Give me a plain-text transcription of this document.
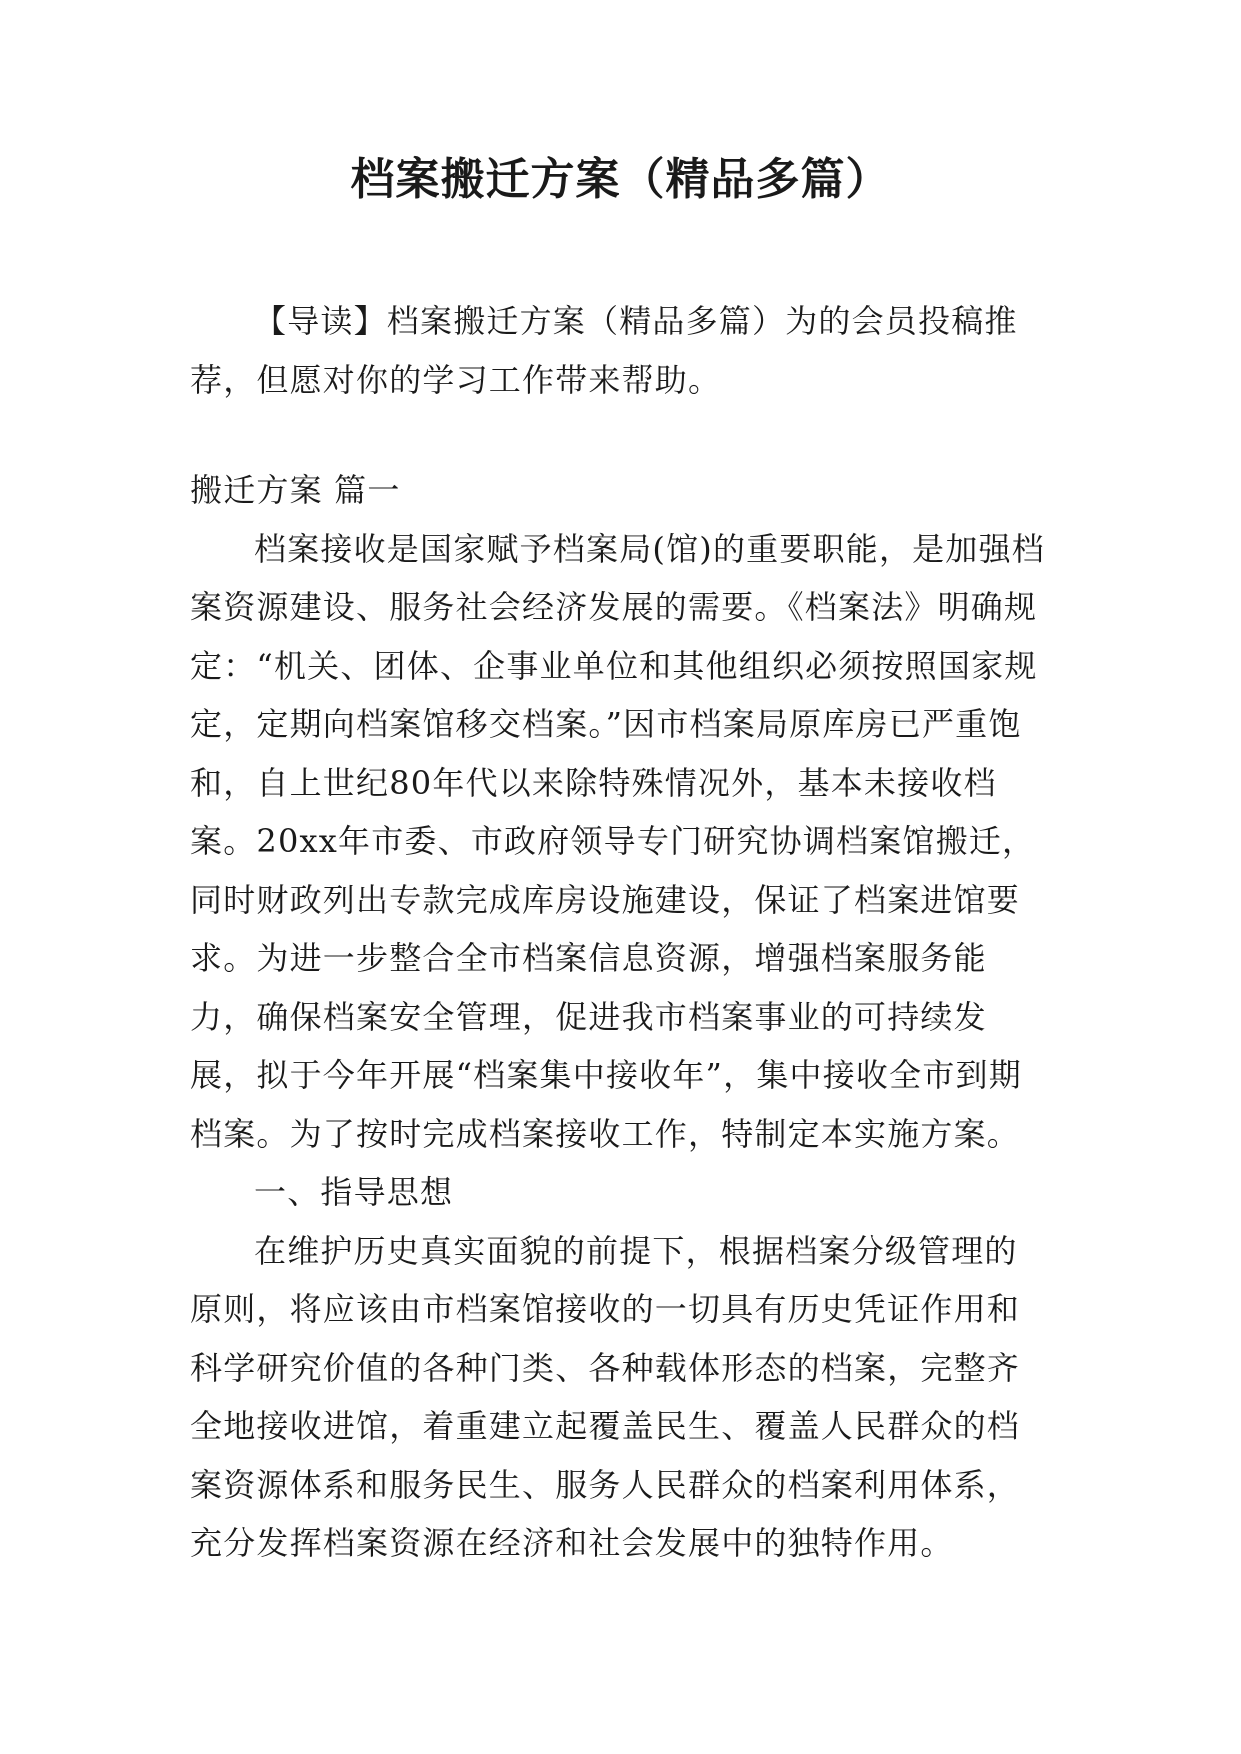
档案搬迁方案（精品多篇）

【导读】档案搬迁方案（精品多篇）为的会员投稿推荐，但愿对你的学习工作带来帮助。

搬迁方案 篇一
档案接收是国家赋予档案局(馆)的重要职能，是加强档案资源建设、服务社会经济发展的需要。《档案法》明确规定：“机关、团体、企事业单位和其他组织必须按照国家规定，定期向档案馆移交档案。”因市档案局原库房已严重饱和，自上世纪80年代以来除特殊情况外，基本未接收档案。20xx年市委、市政府领导专门研究协调档案馆搬迁，同时财政列出专款完成库房设施建设，保证了档案进馆要求。为进一步整合全市档案信息资源，增强档案服务能力，确保档案安全管理，促进我市档案事业的可持续发展，拟于今年开展“档案集中接收年”，集中接收全市到期档案。为了按时完成档案接收工作，特制定本实施方案。
一、指导思想
在维护历史真实面貌的前提下，根据档案分级管理的原则，将应该由市档案馆接收的一切具有历史凭证作用和科学研究价值的各种门类、各种载体形态的档案，完整齐全地接收进馆，着重建立起覆盖民生、覆盖人民群众的档案资源体系和服务民生、服务人民群众的档案利用体系，充分发挥档案资源在经济和社会发展中的独特作用。
